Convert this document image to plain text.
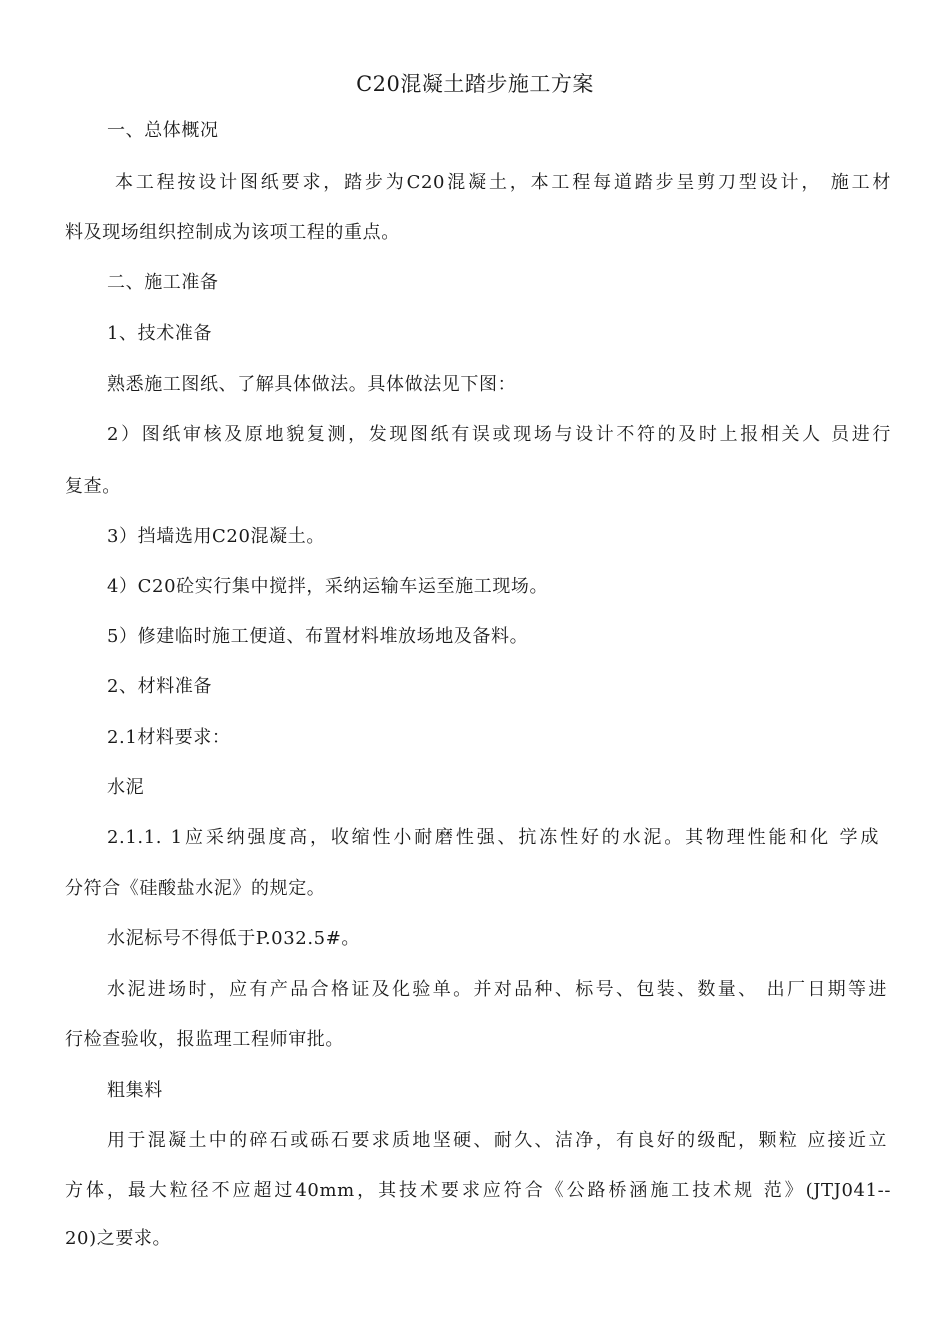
C20混凝土踏步施工方案

一、总体概况

本工程按设计图纸要求，踏步为C20混凝土，本工程每道踏步呈剪刀型设计， 施工材

料及现场组织控制成为该项工程的重点。

二、施工准备

1、技术准备

熟悉施工图纸、了解具体做法。具体做法见下图：

2）图纸审核及原地貌复测，发现图纸有误或现场与设计不符的及时上报相关人 员进行

复查。

3）挡墙选用C20混凝土。

4）C20砼实行集中搅拌，采纳运输车运至施工现场。

5）修建临时施工便道、布置材料堆放场地及备料。

2、材料准备

2.1材料要求：

水泥

2.1.1. 1应采纳强度高，收缩性小耐磨性强、抗冻性好的水泥。其物理性能和化 学成

分符合《硅酸盐水泥》的规定。

水泥标号不得低于P.032.5#。

水泥进场时，应有产品合格证及化验单。并对品种、标号、包装、数量、 出厂日期等进

行检查验收，报监理工程师审批。

粗集料

用于混凝土中的碎石或砾石要求质地坚硬、耐久、洁净，有良好的级配，颗粒 应接近立

方体，最大粒径不应超过40mm，其技术要求应符合《公路桥涵施工技术规 范》(JTJ041--

20)之要求。
